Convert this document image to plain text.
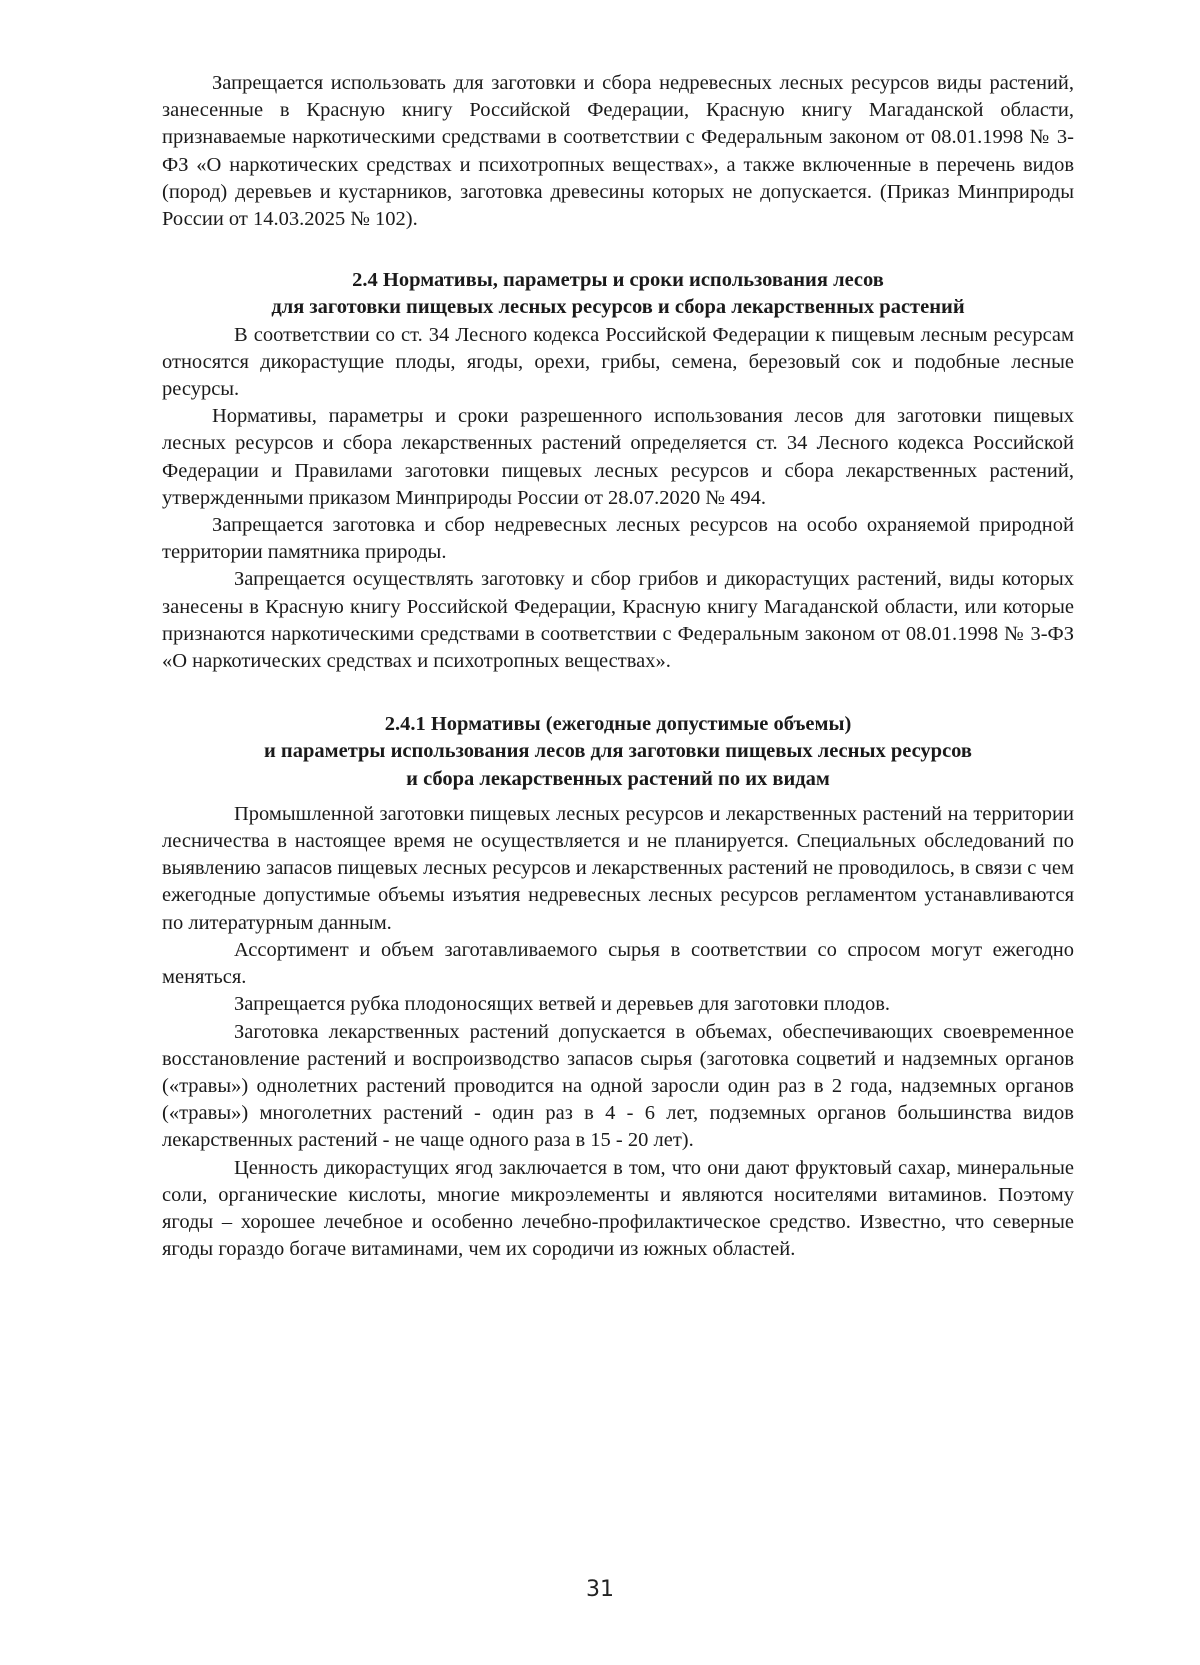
Запрещается использовать для заготовки и сбора недревесных лесных ресурсов виды растений, занесенные в Красную книгу Российской Федерации, Красную книгу Магаданской области, признаваемые наркотическими средствами в соответствии с Федеральным законом от 08.01.1998 № 3-ФЗ «О наркотических средствах и психотропных веществах», а также включенные в перечень видов (пород) деревьев и кустарников, заготовка древесины которых не допускается. (Приказ Минприроды России от 14.03.2025 № 102).

2.4 Нормативы, параметры и сроки использования лесов

для заготовки пищевых лесных ресурсов и сбора лекарственных растений

В соответствии со ст. 34 Лесного кодекса Российской Федерации к пищевым лесным ресурсам относятся дикорастущие плоды, ягоды, орехи, грибы, семена, березовый сок и подобные лесные ресурсы.

Нормативы, параметры и сроки разрешенного использования лесов для заготовки пищевых лесных ресурсов и сбора лекарственных растений определяется ст. 34 Лесного кодекса Российской Федерации и Правилами заготовки пищевых лесных ресурсов и сбора лекарственных растений, утвержденными приказом Минприроды России от 28.07.2020 № 494.

Запрещается заготовка и сбор недревесных лесных ресурсов на особо охраняемой природной территории памятника природы.

Запрещается осуществлять заготовку и сбор грибов и дикорастущих растений, виды которых занесены в Красную книгу Российской Федерации, Красную книгу Магаданской области, или которые признаются наркотическими средствами в соответствии с Федеральным законом от 08.01.1998 № 3-ФЗ «О наркотических средствах и психотропных веществах».

2.4.1 Нормативы (ежегодные допустимые объемы)

и параметры использования лесов для заготовки пищевых лесных ресурсов

и сбора лекарственных растений по их видам

Промышленной заготовки пищевых лесных ресурсов и лекарственных растений на территории лесничества в настоящее время не осуществляется и не планируется. Специальных обследований по выявлению запасов пищевых лесных ресурсов и лекарственных растений не проводилось, в связи с чем ежегодные допустимые объемы изъятия недревесных лесных ресурсов регламентом устанавливаются по литературным данным.

Ассортимент и объем заготавливаемого сырья в соответствии со спросом могут ежегодно меняться.

Запрещается рубка плодоносящих ветвей и деревьев для заготовки плодов.

Заготовка лекарственных растений допускается в объемах, обеспечивающих своевременное восстановление растений и воспроизводство запасов сырья (заготовка соцветий и надземных органов («травы») однолетних растений проводится на одной заросли один раз в 2 года, надземных органов («травы») многолетних растений - один раз в 4 - 6 лет, подземных органов большинства видов лекарственных растений - не чаще одного раза в 15 - 20 лет).

Ценность дикорастущих ягод заключается в том, что они дают фруктовый сахар, минеральные соли, органические кислоты, многие микроэлементы и являются носителями витаминов. Поэтому ягоды – хорошее лечебное и особенно лечебно-профилактическое средство. Известно, что северные ягоды гораздо богаче витаминами, чем их сородичи из южных областей.

31
